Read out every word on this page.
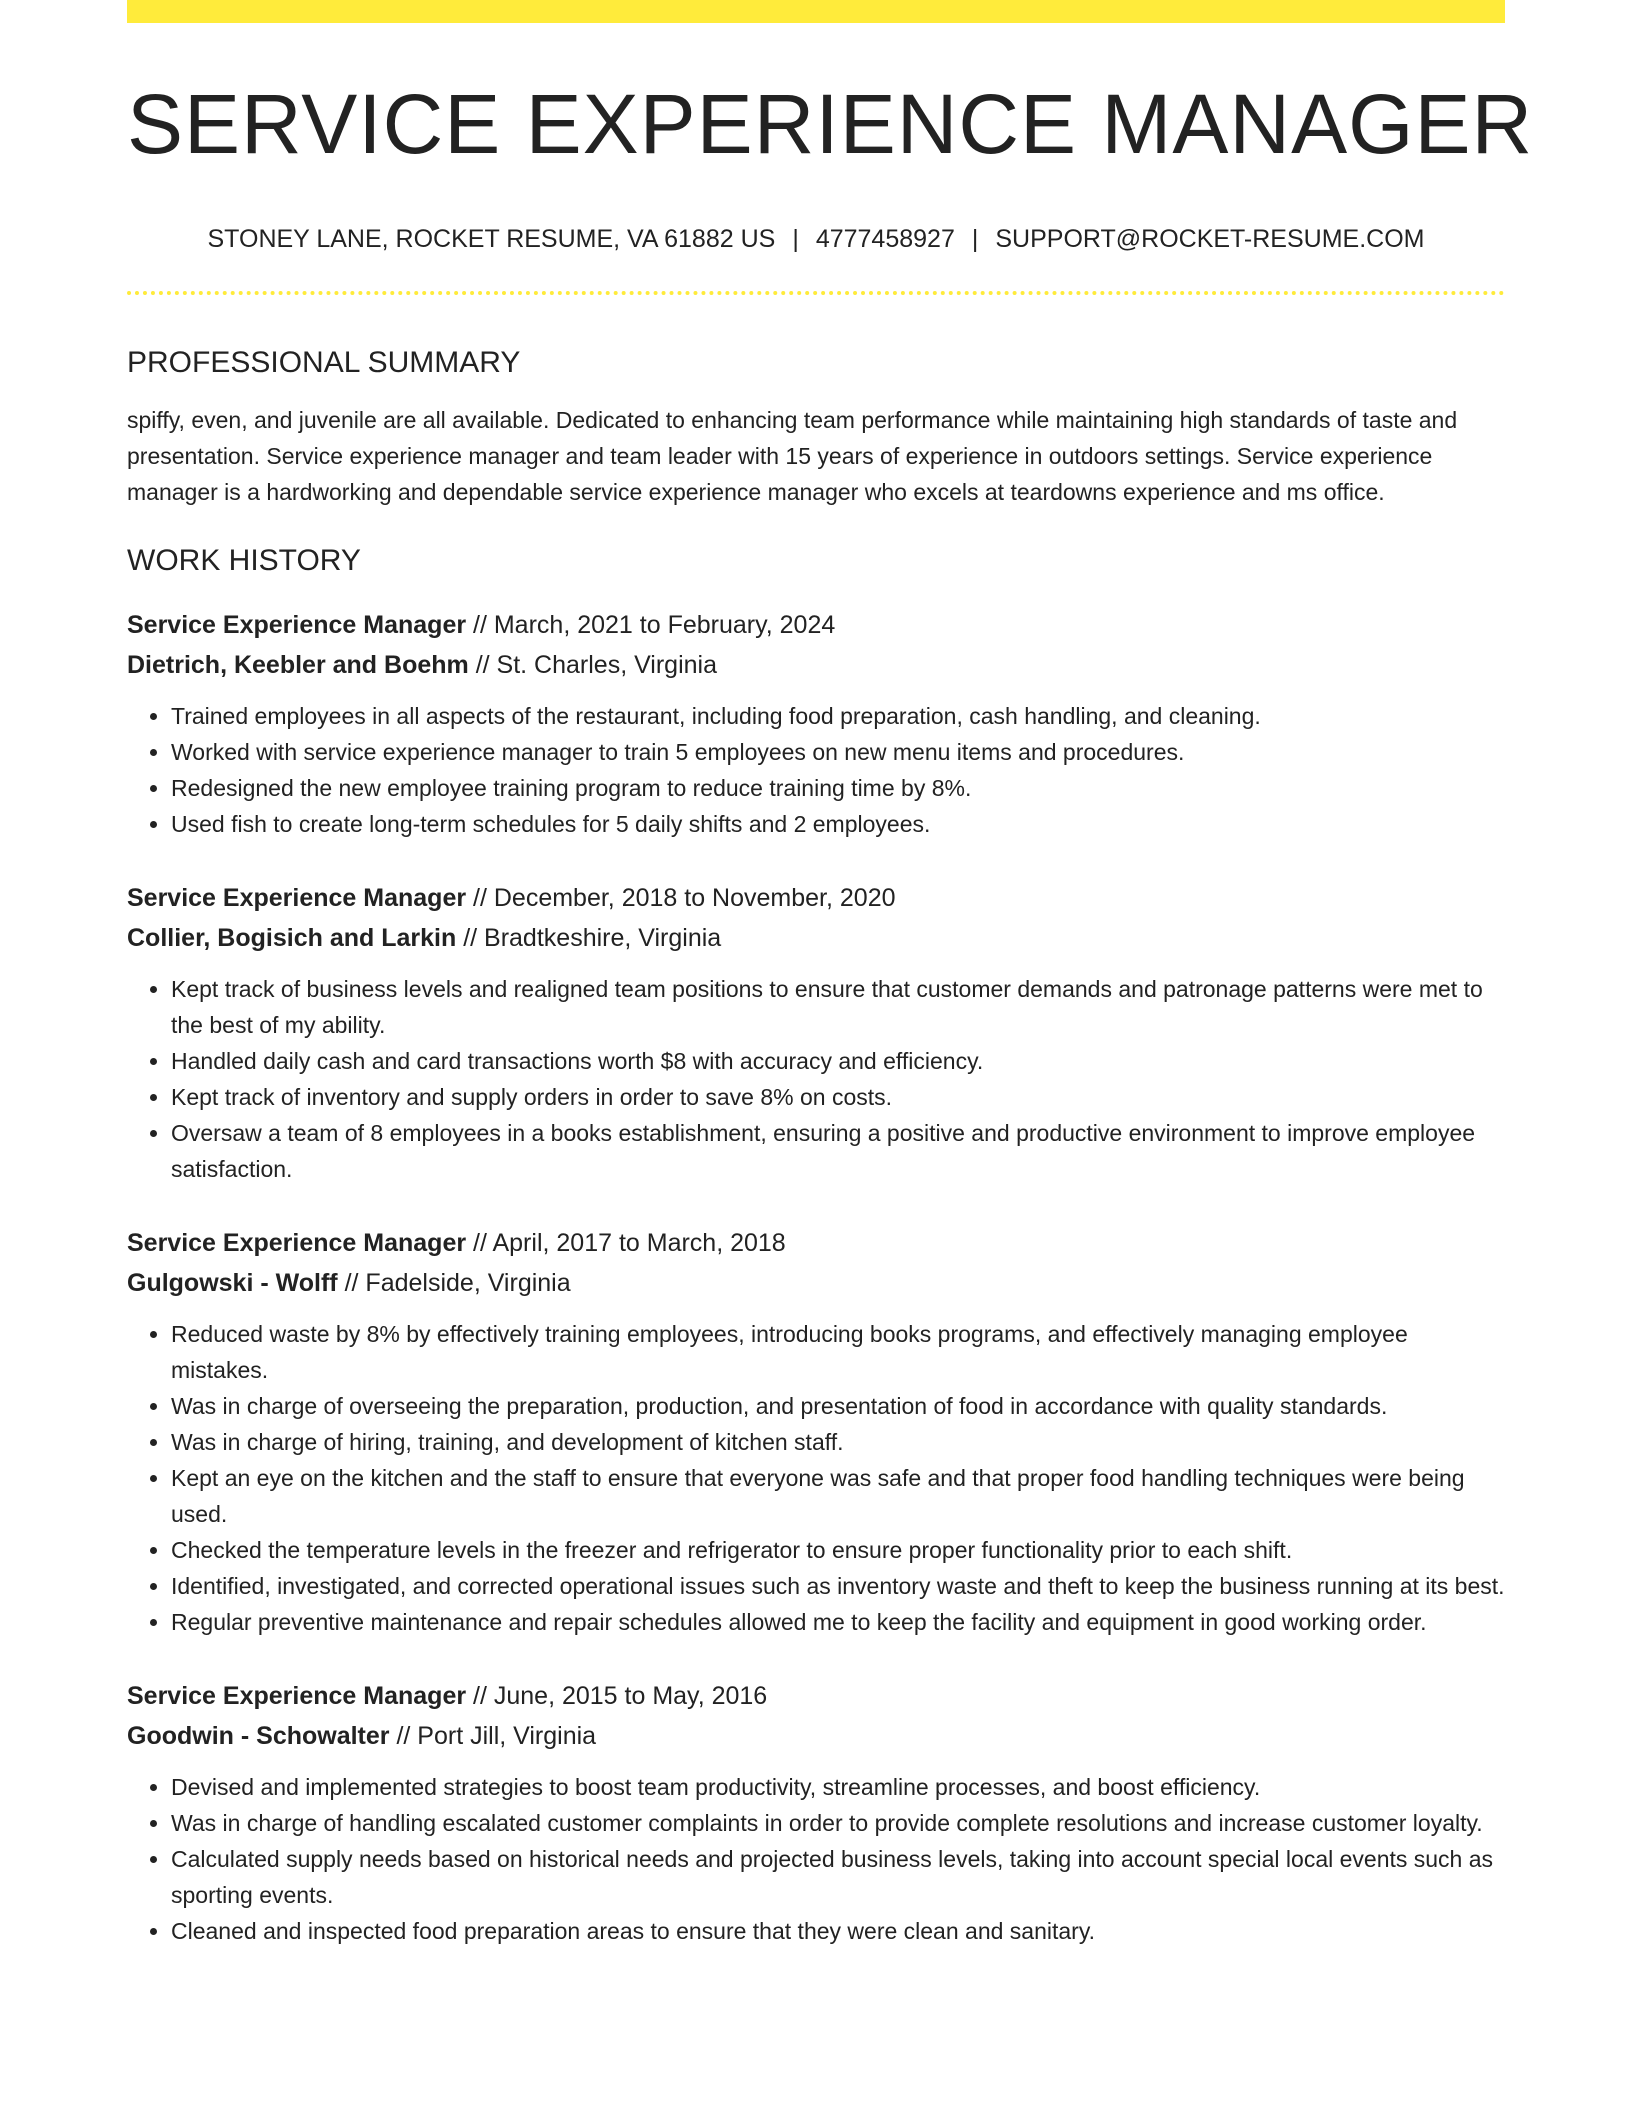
SERVICE EXPERIENCE MANAGER
STONEY LANE, ROCKET RESUME, VA 61882 US | 4777458927 | SUPPORT@ROCKET-RESUME.COM
PROFESSIONAL SUMMARY

spiffy, even, and juvenile are all available. Dedicated to enhancing team performance while maintaining high standards of taste and presentation. Service experience manager and team leader with 15 years of experience in outdoors settings. Service experience manager is a hardworking and dependable service experience manager who excels at teardowns experience and ms office.

WORK HISTORY
Service Experience Manager // March, 2021 to February, 2024
Dietrich, Keebler and Boehm // St. Charles, Virginia
• Trained employees in all aspects of the restaurant, including food preparation, cash handling, and cleaning.
• Worked with service experience manager to train 5 employees on new menu items and procedures.
• Redesigned the new employee training program to reduce training time by 8%.
• Used fish to create long-term schedules for 5 daily shifts and 2 employees.
Service Experience Manager // December, 2018 to November, 2020
Collier, Bogisich and Larkin // Bradtkeshire, Virginia
• Kept track of business levels and realigned team positions to ensure that customer demands and patronage patterns were met to the best of my ability.
• Handled daily cash and card transactions worth $8 with accuracy and efficiency.
• Kept track of inventory and supply orders in order to save 8% on costs.
• Oversaw a team of 8 employees in a books establishment, ensuring a positive and productive environment to improve employee satisfaction.
Service Experience Manager // April, 2017 to March, 2018
Gulgowski - Wolff // Fadelside, Virginia
• Reduced waste by 8% by effectively training employees, introducing books programs, and effectively managing employee mistakes.
• Was in charge of overseeing the preparation, production, and presentation of food in accordance with quality standards.
• Was in charge of hiring, training, and development of kitchen staff.
• Kept an eye on the kitchen and the staff to ensure that everyone was safe and that proper food handling techniques were being used.
• Checked the temperature levels in the freezer and refrigerator to ensure proper functionality prior to each shift.
• Identified, investigated, and corrected operational issues such as inventory waste and theft to keep the business running at its best.
• Regular preventive maintenance and repair schedules allowed me to keep the facility and equipment in good working order.
Service Experience Manager // June, 2015 to May, 2016
Goodwin - Schowalter // Port Jill, Virginia
• Devised and implemented strategies to boost team productivity, streamline processes, and boost efficiency.
• Was in charge of handling escalated customer complaints in order to provide complete resolutions and increase customer loyalty.
• Calculated supply needs based on historical needs and projected business levels, taking into account special local events such as sporting events.
• Cleaned and inspected food preparation areas to ensure that they were clean and sanitary.
